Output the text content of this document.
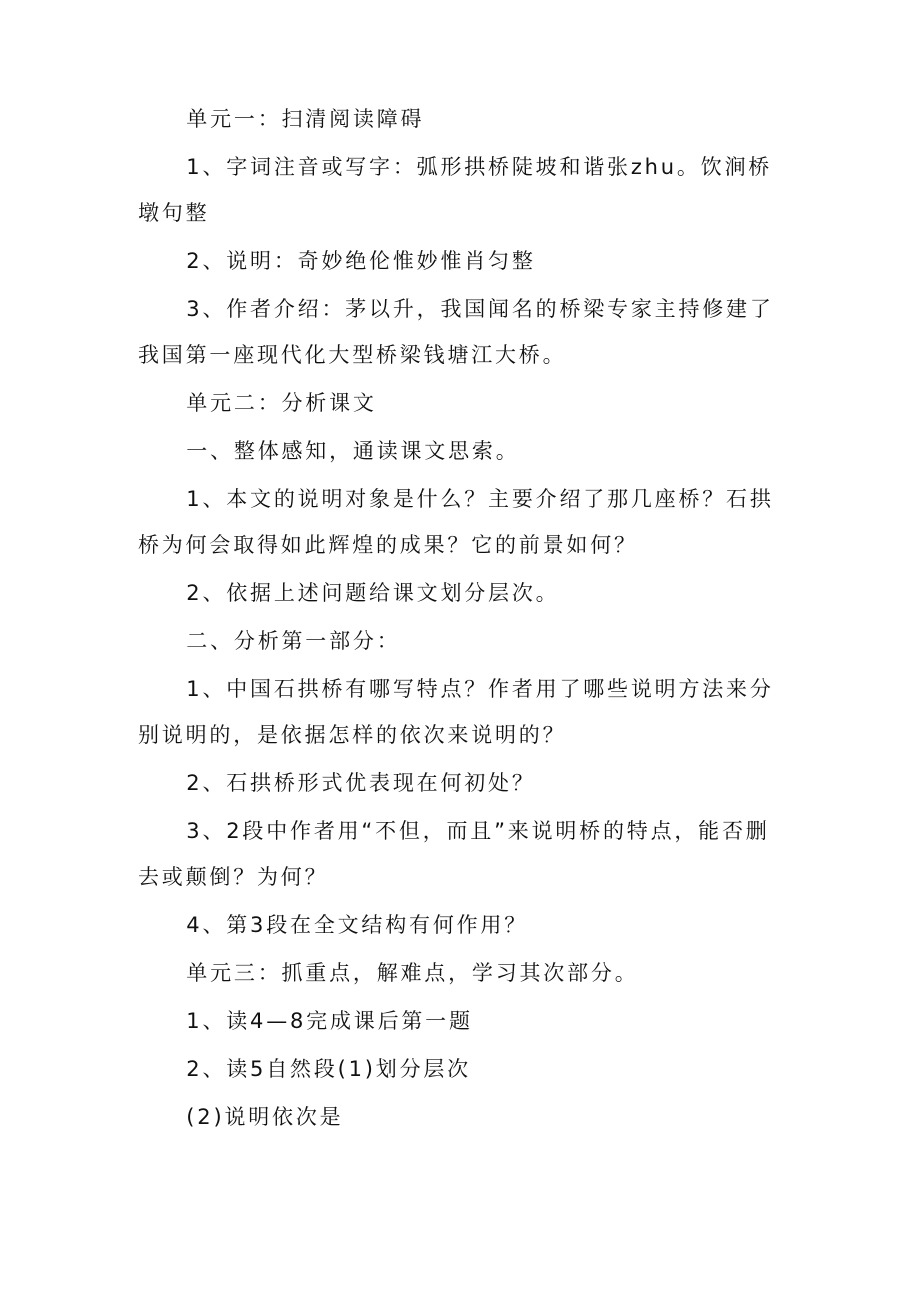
单元一：扫清阅读障碍

1、字词注音或写字：弧形拱桥陡坡和谐张zhu。饮涧桥墩句整

2、说明：奇妙绝伦惟妙惟肖匀整

3、作者介绍：茅以升，我国闻名的桥梁专家主持修建了我国第一座现代化大型桥梁钱塘江大桥。

单元二：分析课文

一、整体感知，通读课文思索。

1、本文的说明对象是什么？主要介绍了那几座桥？石拱桥为何会取得如此辉煌的成果？它的前景如何？

2、依据上述问题给课文划分层次。

二、分析第一部分：

1、中国石拱桥有哪写特点？作者用了哪些说明方法来分别说明的，是依据怎样的依次来说明的？

2、石拱桥形式优表现在何初处？

3、2段中作者用“不但，而且”来说明桥的特点，能否删去或颠倒？为何？

4、第3段在全文结构有何作用？

单元三：抓重点，解难点，学习其次部分。

1、读4—8完成课后第一题

2、读5自然段(1)划分层次

(2)说明依次是
